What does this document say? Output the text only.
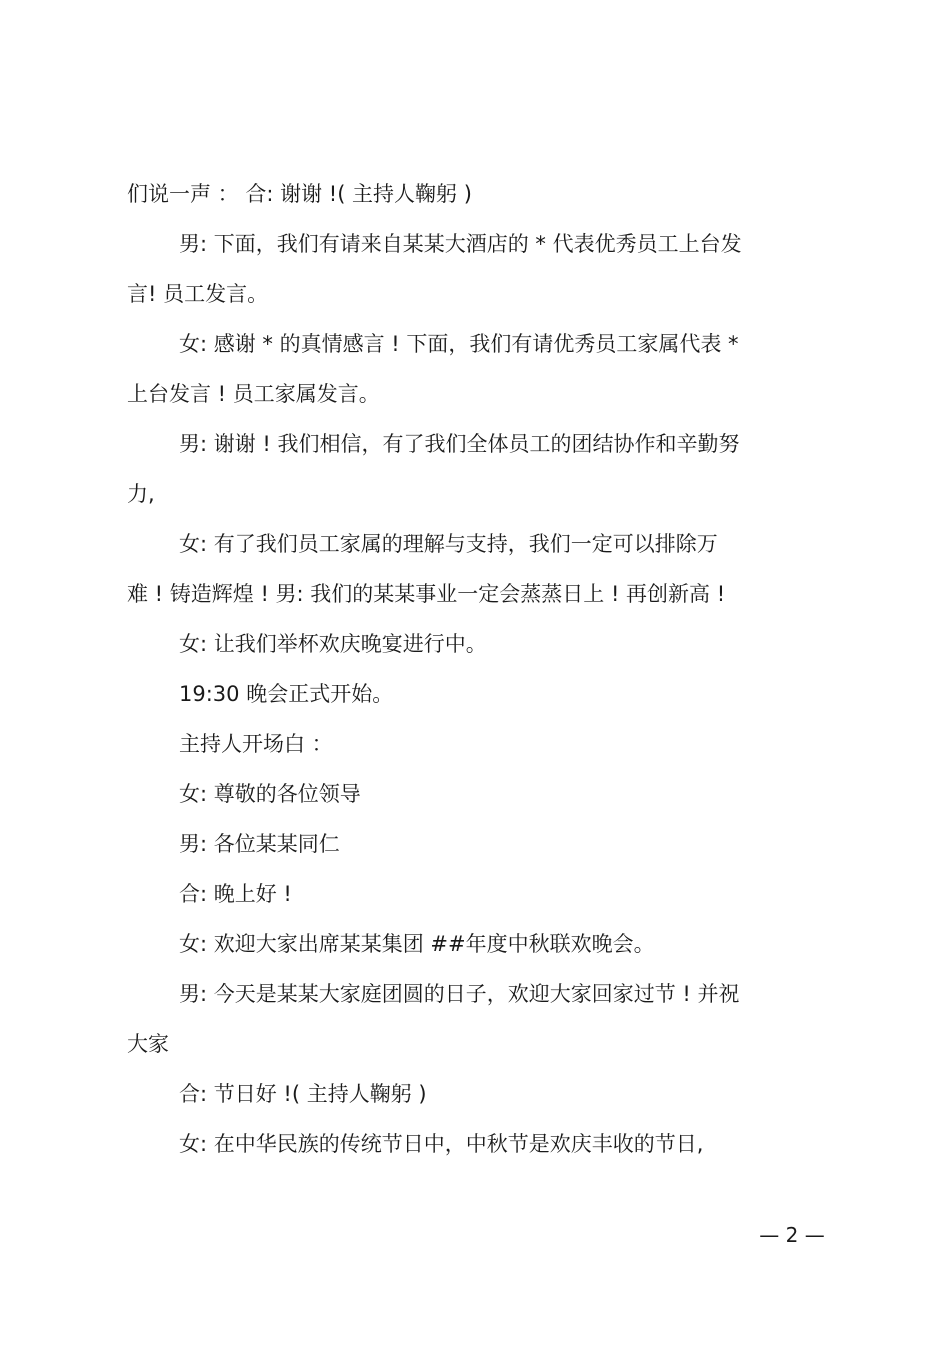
们说一声 ： 合: 谢谢 !( 主持人鞠躬 )
男: 下面，我们有请来自某某大酒店的 * 代表优秀员工上台发
言! 员工发言。
女: 感谢 * 的真情感言 ! 下面，我们有请优秀员工家属代表 *
上台发言 ! 员工家属发言。
男: 谢谢 ! 我们相信，有了我们全体员工的团结协作和辛勤努
力,
女: 有了我们员工家属的理解与支持，我们一定可以排除万
难 ! 铸造辉煌 ! 男: 我们的某某事业一定会蒸蒸日上 ! 再创新高 !
女: 让我们举杯欢庆晚宴进行中。
19:30 晚会正式开始。
主持人开场白 ：
女: 尊敬的各位领导
男: 各位某某同仁
合: 晚上好 !
女: 欢迎大家出席某某集团 ##年度中秋联欢晚会。
男: 今天是某某大家庭团圆的日子，欢迎大家回家过节 ! 并祝
大家
合: 节日好 !( 主持人鞠躬 )
女: 在中华民族的传统节日中，中秋节是欢庆丰收的节日,
— 2 —
